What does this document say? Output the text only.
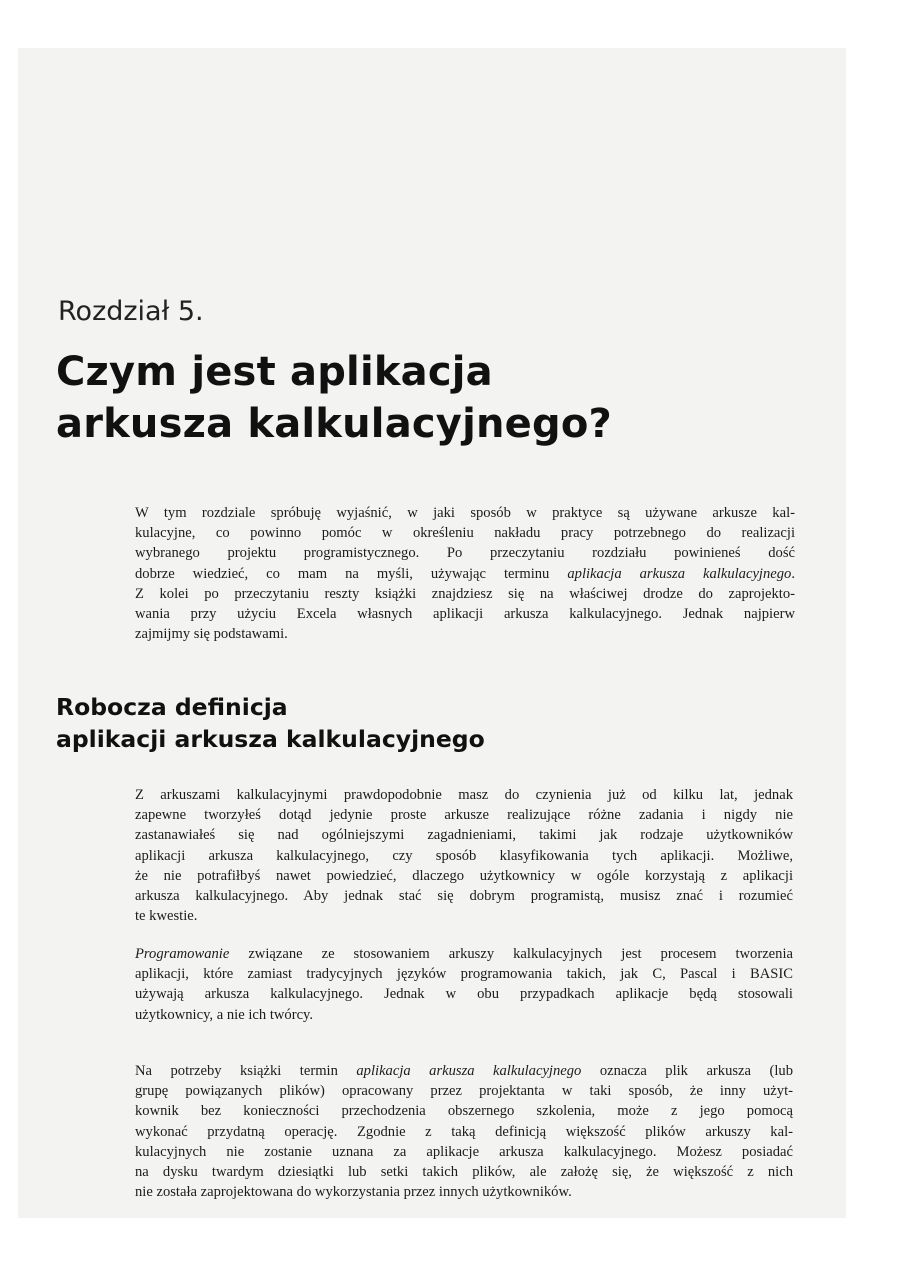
Rozdział 5.
Czym jest aplikacja
arkusza kalkulacyjnego?
W tym rozdziale spróbuję wyjaśnić, w jaki sposób w praktyce są używane arkusze kal-
kulacyjne, co powinno pomóc w określeniu nakładu pracy potrzebnego do realizacji
wybranego projektu programistycznego. Po przeczytaniu rozdziału powinieneś dość
dobrze wiedzieć, co mam na myśli, używając terminu aplikacja arkusza kalkulacyjnego.
Z kolei po przeczytaniu reszty książki znajdziesz się na właściwej drodze do zaprojekto-
wania przy użyciu Excela własnych aplikacji arkusza kalkulacyjnego. Jednak najpierw
zajmijmy się podstawami.
Robocza definicja
aplikacji arkusza kalkulacyjnego
Z arkuszami kalkulacyjnymi prawdopodobnie masz do czynienia już od kilku lat, jednak
zapewne tworzyłeś dotąd jedynie proste arkusze realizujące różne zadania i nigdy nie
zastanawiałeś się nad ogólniejszymi zagadnieniami, takimi jak rodzaje użytkowników
aplikacji arkusza kalkulacyjnego, czy sposób klasyfikowania tych aplikacji. Możliwe,
że nie potrafiłbyś nawet powiedzieć, dlaczego użytkownicy w ogóle korzystają z aplikacji
arkusza kalkulacyjnego. Aby jednak stać się dobrym programistą, musisz znać i rozumieć
te kwestie.
Programowanie związane ze stosowaniem arkuszy kalkulacyjnych jest procesem tworzenia
aplikacji, które zamiast tradycyjnych języków programowania takich, jak C, Pascal i BASIC
używają arkusza kalkulacyjnego. Jednak w obu przypadkach aplikacje będą stosowali
użytkownicy, a nie ich twórcy.
Na potrzeby książki termin aplikacja arkusza kalkulacyjnego oznacza plik arkusza (lub
grupę powiązanych plików) opracowany przez projektanta w taki sposób, że inny użyt-
kownik bez konieczności przechodzenia obszernego szkolenia, może z jego pomocą
wykonać przydatną operację. Zgodnie z taką definicją większość plików arkuszy kal-
kulacyjnych nie zostanie uznana za aplikacje arkusza kalkulacyjnego. Możesz posiadać
na dysku twardym dziesiątki lub setki takich plików, ale założę się, że większość z nich
nie została zaprojektowana do wykorzystania przez innych użytkowników.
